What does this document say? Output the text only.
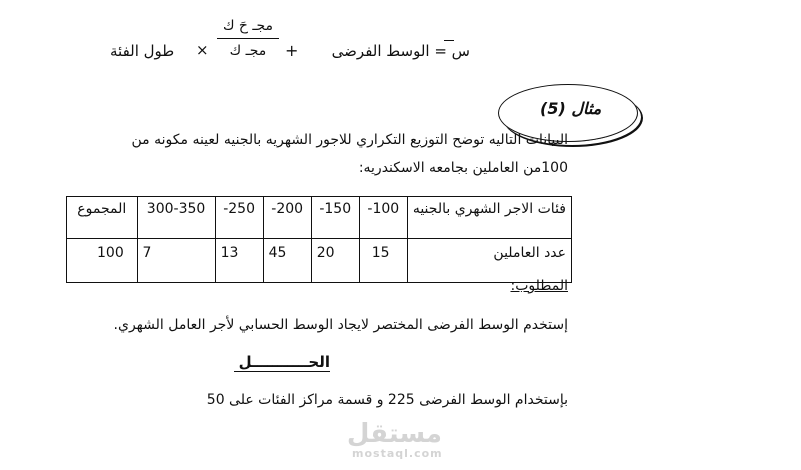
طول الفئة ×
مجـ حَ ك
مجـ ك	+ س = الوسط الفرضى
مثال (5)
البيانات التاليه توضح التوزيع التكراري للاجور الشهريه بالجنيه لعينه مكونه من
100من العاملين بجامعه الاسكندريه:
فئات الاجر الشهري بالجنيه	100-	150-	200-	250-	300-350	المجموع
عدد العاملين	15	20	45	13	7	100
المطلوب:
إستخدم الوسط الفرضى المختصر لايجاد الوسط الحسابي لأجر العامل الشهري.
الحـــــــــــل
بإستخدام الوسط الفرضى 225 و قسمة مراكز الفئات على 50
مستقل
mostaql.com
